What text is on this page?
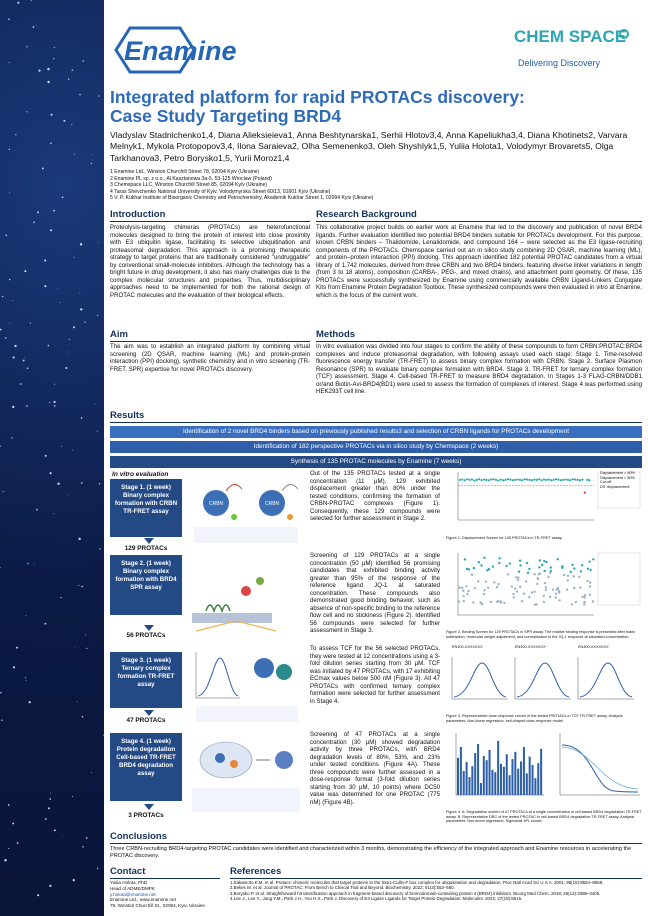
Enamine	CHEM SPACE
Delivering Discovery
Integrated platform for rapid PROTACs discovery:
Case Study Targeting BRD4
Vladyslav Stadnichenko1,4, Diana Alieksieieva1, Anna Beshtynarska1, Serhii Hlotov3,4, Anna Kapeliukha3,4, Diana Khotinets2, Varvara Melnyk1, Mykola Protopopov3,4, Ilona Saraieva2, Olha Semenenko3, Oleh Shyshlyk1,5, Yuliia Holota1, Volodymyr Brovarets5, Olga Tarkhanova3, Petro Borysko1,5, Yurii Moroz1,4
1 Enamine Ltd., Winston Churchill Street 78, 02094 Kyiv (Ukraine)
2 Enamine PL sp. z o.o., Al.Kasztanowa 3a-5, 53-125 Wroclaw (Poland)
3 Chemspace LLC, Winston Churchill Street 85, 02094 Kyiv (Ukraine)
4 Taras Shevchenko National University of Kyiv, Volodymyrska Street 60/13, 01601 Kyiv (Ukraine)
5 V. P. Kukhar Institute of Bioorganic Chemistry and Petrochemistry, Akademik Kukhar Street 1, 02094 Kyiv (Ukraine)
Introduction
Proteolysis-targeting chimeras (PROTACs) are heterofunctional molecules designed to bring the protein of interest into close proximity with E3 ubiquitin ligase, facilitating its selective ubiquitination and proteasomal degradation. This approach is a promising therapeutic strategy to target proteins that are traditionally considered "undruggable" by conventional small-molecule inhibitors. Although the technology has a bright future in drug development, it also has many challenges due to the complex molecular structures and properties. Thus, multidisciplinary approaches need to be implemented for both the rational design of PROTAC molecules and the evaluation of their biological effects.
Research Background
This collaborative project builds on earlier work at Enamine that led to the discovery and publication of novel BRD4 ligands. Further evaluation identified two potential BRD4 binders suitable for PROTACs development. For this purpose, known CRBN binders – Thalidomide, Lenalidomide, and compound 164 – were selected as the E3 ligase-recruiting components of the PROTACs. Chemspace carried out an in silico study combining 2D QSAR, machine learning (ML), and protein–protein interaction (PPI) docking. This approach identified 182 potential PROTAC candidates from a virtual library of 1,742 molecules, derived from three CRBN and two BRD4 binders, featuring diverse linker variations in length (from 3 to 18 atoms), composition (CARBA-, PEG-, and mixed chains), and attachment point geometry. Of these, 135 PROTACs were successfully synthesized by Enamine using commercially available CRBN Ligand-Linkers Conjugate Kits from Enamine Protein Degradation Toolbox. These synthesized compounds were then evaluated in vitro at Enamine, which is the focus of the current work.
Aim
The aim was to establish an integrated platform by combining virtual screening (2D QSAR, machine learning (ML) and protein-protein interaction (PPI) docking), synthetic chemistry and in vitro screening (TR-FRET, SPR) expertise for novel PROTACs discovery.
Methods
In vitro evaluation was divided into four stages to confirm the ability of these compounds to form CRBN:PROTAC:BRD4 complexes and induce proteasomal degradation, with following assays used each stage: Stage 1. Time-resolved fluorescence energy transfer (TR-FRET) to assess binary complex formation with CRBN. Stage 2. Surface Plasmon Resonance (SPR) to evaluate binary complex formation with BRD4. Stage 3. TR-FRET for ternary complex formation (TCF) assessment. Stage 4. Cell-based TR-FRET to measure BRD4 degradation. In Stages 1-3 FLAG-CRBN/DDB1 or/and Biotin-Avi-BRD4(BD1) were used to assess the formation of complexes of interest. Stage 4 was performed using HEK293T cell line.
Results
Identification of 2 novel BRD4 binders based on previously published results3 and selection of CRBN ligands for PROTACs development
Identification of 182 perspective PROTACs via in silico study by Chemspace (2 weeks)
Synthesis of 135 PROTAC molecules by Enamine (7 weeks)
In vitro evaluation
Stage 1. (1 week) Binary complex formation with CRBN TR-FRET assay
129 PROTACs
CRBN	CRBN
Out of the 135 PROTACs tested at a single concentration (11 µM), 129 exhibited displacement greater than 80% under the tested conditions, confirming the formation of CRBN-PROTAC complexes (Figure 1). Consequently, these 129 compounds were selected for further assessment in Stage 2.
Displacement > 80%
Displacement < 80%
Cut-off
DS 'displacement'
Figure 1. Displacement Screen for 135 PROTACs in TR-FRET assay.
Stage 2. (1 week) Binary complex formation with BRD4 SPR assay
56 PROTACs
Screening of 129 PROTACs at a single concentration (50 µM) identified 56 promising candidates that exhibited binding activity greater than 95% of the response of the reference ligand JQ-1 at saturated concentration. These compounds also demonstrated good binding behavior, such as absence of non-specific binding to the reference flow cell and no stickiness (Figure 2). Identified 56 compounds were selected for further assessment in Stage 3.	Figure 2. Binding Screen for 129 PROTACs in SPR assay. The relative binding response is presented after blank subtraction, molecular weight adjustment, and normalization to the JQ-1 response at saturated concentration.
Stage 3. (1 week) Ternary complex formation TR-FRET assay
47 PROTACs
To assess TCF for the 56 selected PROTACs, they were tested at 12 concentrations using a 3-fold dilution series starting from 30 µM. TCF was initiated by 47 PROTACs, with 17 exhibiting ECmax values below 500 nM (Figure 3). All 47 PROTACs with confirmed ternary complex formation were selected for further assessment in Stage 4.
EN300-XXXXXXX	EN300-XXXXXXX	EN300-XXXXXXX
Figure 3. Representative dose-response curves of the tested PROTACs in TCF TR-FRET assay. Analysis parameters: Non-linear regression, bell-shaped dose-response model.
Stage 4. (1 week) Protein degradation Cell-based TR-FRET BRD4 degradation assay
3 PROTACs
Screening of 47 PROTACs at a single concentration (30 µM) showed degradation activity by three PROTACs, with BRD4 degradation levels of 80%, 53%, and 23% under tested conditions (Figure 4A). These three compounds were further assessed in a dose-response format (3-fold dilution series starting from 30 µM, 10 points) where DC50 value was determined for one PROTAC (775 nM) (Figure 4B).
Figure 4. A. Degradation screen of 47 PROTACs at a single concentration in cell-based BRD4 degradation TR-FRET assay. B. Representative DRC of the tested PROTAC in cell-based BRD4 degradation TR-FRET assay. Analysis parameters: Non-linear regression, Sigmoidal 4PL model.
Conclusions
Three CRBN-recruiting BRD4-targeting PROTAC candidates were identified and characterized within 3 months, demonstrating the efficiency of the integrated approach and Enamine resources in accelerating the PROTAC discovery.
Contact
Yuliia Holota, PhD
Head of ADME/DMPK
y.holota@enamine.net
Enamine Ltd., www.enamine.net
78, Winston Churchill St., 02094, Kyiv, Ukraine
References
1.Sakamoto K.M. et al. Protacs: chimeric molecules that target proteins to the Skp1-Cullin-F box complex for ubiquitination and degradation. Proc Natl Acad Sci U S A. 2001; 98(15):8554–8559.
2.Bekes M. et al. Journal of PROTAC: From Bench to Clinical Trial and Beyond. Biochemistry. 2022; 61(3):553–560.
3.Borysko P. et al. Straightforward hit identification approach in fragment-based discovery of bromodomain-containing protein 4 (BRD4) inhibitors. Bioorg Med Chem. 2018; 26(12):3399–3405.
4.Lee J., Lee Y., Jung Y.M., Park J.H., Yoo H.S., Park J. Discovery of E3 Ligase Ligands for Target Protein Degradation. Molecules. 2022; 27(19):6515.
